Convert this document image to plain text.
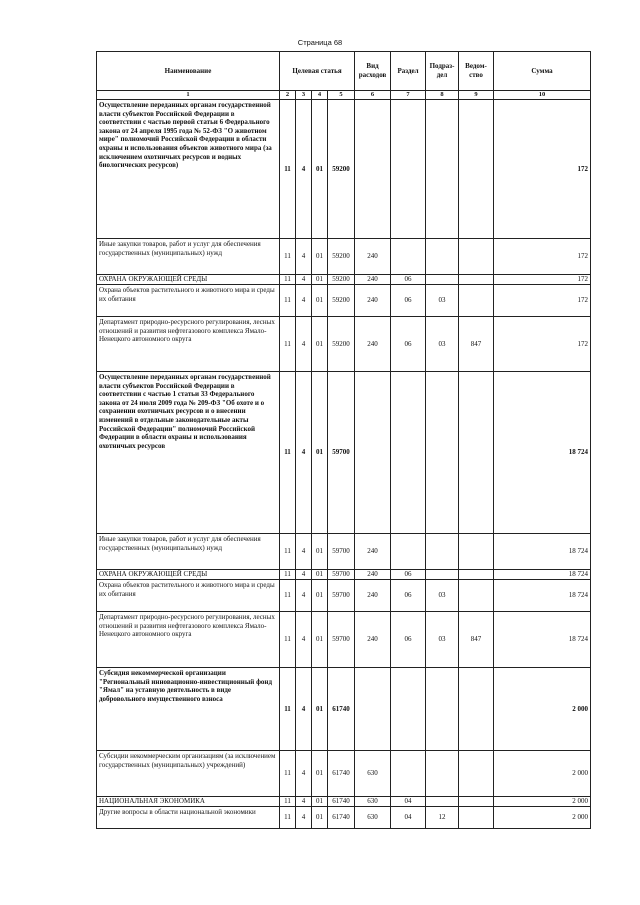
Страница 68
Наименование	Целевая статья				Вид расходов	Раздел	Подраз-дел	Ведом-ство	Сумма
1	2	3	4	5	6	7	8	9	10
Осуществление переданных органам государственной власти субъектов Российской Федерации в соответствии с частью первой статьи 6 Федерального закона от 24 апреля 1995 года № 52-ФЗ "О животном мире" полномочий Российской Федерации в области охраны и использования объектов животного мира (за исключением охотничьих ресурсов и водных биологических ресурсов)	11	4	01	59200					172
Иные закупки товаров, работ и услуг для обеспечения государственных (муниципальных) нужд	11	4	01	59200	240				172
ОХРАНА ОКРУЖАЮЩЕЙ СРЕДЫ	11	4	01	59200	240	06			172
Охрана объектов растительного и животного мира и среды их обитания	11	4	01	59200	240	06	03		172
Департамент природно-ресурсного регулирования, лесных отношений и развития нефтегазового комплекса Ямало-Ненецкого автономного округа	11	4	01	59200	240	06	03	847	172
Осуществление переданных органам государственной власти субъектов Российской Федерации в соответствии с частью 1 статьи 33 Федерального закона от 24 июля 2009 года № 209-ФЗ "Об охоте и о сохранении охотничьих ресурсов и о внесении изменений в отдельные законодательные акты Российской Федерации" полномочий Российской Федерации в области охраны и использования охотничьих ресурсов	11	4	01	59700					18 724
Иные закупки товаров, работ и услуг для обеспечения государственных (муниципальных) нужд	11	4	01	59700	240				18 724
ОХРАНА ОКРУЖАЮЩЕЙ СРЕДЫ	11	4	01	59700	240	06			18 724
Охрана объектов растительного и животного мира и среды их обитания	11	4	01	59700	240	06	03		18 724
Департамент природно-ресурсного регулирования, лесных отношений и развития нефтегазового комплекса Ямало-Ненецкого автономного округа	11	4	01	59700	240	06	03	847	18 724
Субсидия некоммерческой организации "Региональный инновационно-инвестиционный фонд "Ямал" на уставную деятельность в виде добровольного имущественного взноса	11	4	01	61740					2 000
Субсидии некоммерческим организациям (за исключением государственных (муниципальных) учреждений)	11	4	01	61740	630				2 000
НАЦИОНАЛЬНАЯ ЭКОНОМИКА	11	4	01	61740	630	04			2 000
Другие вопросы в области национальной экономики	11	4	01	61740	630	04	12		2 000
